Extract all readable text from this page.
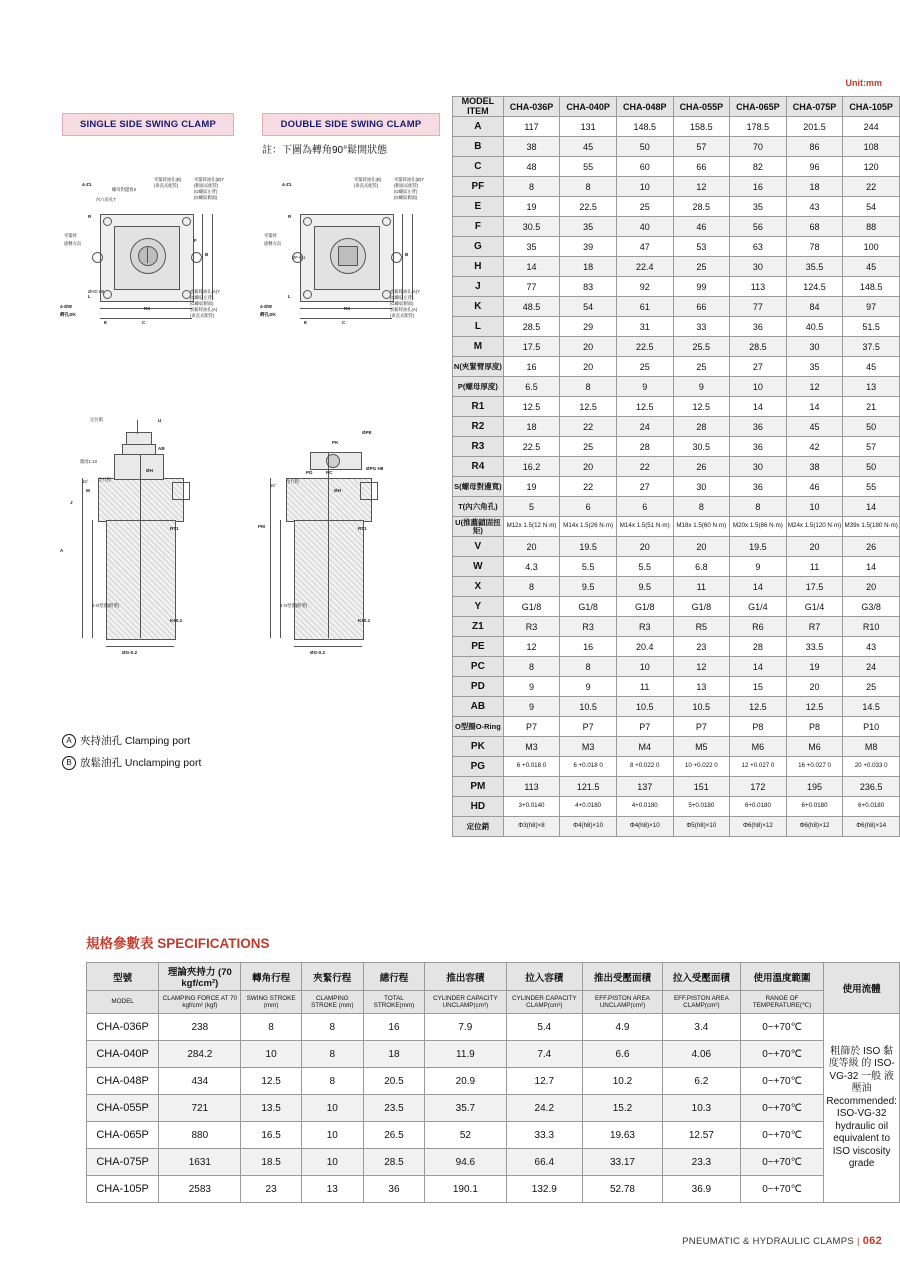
Unit:mm
SINGLE SIDE SWING CLAMP	DOUBLE SIDE SWING CLAMP
註：下圖為轉角90°鬆開狀態
螺母對邊寬S
內六角孔T
夾緊時油孔(B)
(垂直式配管)
夾緊時油孔(B)Y
(側面式配管)
(G螺紋左背)
(G螺紋側面)
4-Z1
夾緊時
旋轉方向
4-ØW
ØHD H8
鍔孔ØX
放鬆時油孔(A)Y
(G螺紋左背)
(G螺紋側面)
放鬆時油孔(A)
(垂直式配管)
E
R3
C
R
L
B
F
4-Z1
夾緊時油孔(B)
(垂直式配管)
夾緊時油孔(B)Y
(側面式配管)
(G螺紋左背)
(G螺紋側面)
夾緊時
旋轉方向
ØF-0.1
4-ØW
鍔孔ØX
放鬆時油孔(A)Y
(G螺紋左背)
(G螺紋側面)
放鬆時油孔(A)
(垂直式配管)
E
R3
C
R
L
B
定位銷	U
錐度1:10
AB
ØH
15° 全行程
M
RT1
J
A
2-O型圈(附帶)
K±0.1
ØG-0.2
ØPE
PK
PD	PC
ØPG H8
ØH
15°
全行程
PM	RT1
2-O型圈(附帶)
K±0.1
ØG-0.2
A 夾持油孔 Clamping port
B 放鬆油孔 Unclamping port
MODEL
ITEM	CHA-036P	CHA-040P	CHA-048P	CHA-055P	CHA-065P	CHA-075P	CHA-105P
A	117	131	148.5	158.5	178.5	201.5	244
B	38	45	50	57	70	86	108
C	48	55	60	66	82	96	120
PF	8	8	10	12	16	18	22
E	19	22.5	25	28.5	35	43	54
F	30.5	35	40	46	56	68	88
G	35	39	47	53	63	78	100
H	14	18	22.4	25	30	35.5	45
J	77	83	92	99	113	124.5	148.5
K	48.5	54	61	66	77	84	97
L	28.5	29	31	33	36	40.5	51.5
M	17.5	20	22.5	25.5	28.5	30	37.5
N(夾緊臂厚度)	16	20	25	25	27	35	45
P(螺母厚度)	6.5	8	9	9	10	12	13
R1	12.5	12.5	12.5	12.5	14	14	21
R2	18	22	24	28	36	45	50
R3	22.5	25	28	30.5	36	42	57
R4	16.2	20	22	26	30	38	50
S(螺母對邊寬)	19	22	27	30	36	46	55
T(內六角孔)	5	6	6	8	8	10	14
U(推薦鎖固扭矩)	M12x 1.5(12 N·m)	M14x 1.5(26 N·m)	M14x 1.5(51 N·m)	M18x 1.5(60 N·m)	M20x 1.5(86 N·m)	M24x 1.5(120 N·m)	M39x 1.5(180 N·m)
V	20	19.5	20	20	19.5	20	26
W	4.3	5.5	5.5	6.8	9	11	14
X	8	9.5	9.5	11	14	17.5	20
Y	G1/8	G1/8	G1/8	G1/8	G1/4	G1/4	G3/8
Z1	R3	R3	R3	R5	R6	R7	R10
PE	12	16	20.4	23	28	33.5	43
PC	8	8	10	12	14	19	24
PD	9	9	11	13	15	20	25
AB	9	10.5	10.5	10.5	12.5	12.5	14.5
O型圈O-Ring	P7	P7	P7	P7	P8	P8	P10
PK	M3	M3	M4	M5	M6	M6	M8
PG	6 +0.018 0	6 +0.018 0	8 +0.022 0	10 +0.022 0	12 +0.027 0	16 +0.027 0	20 +0.033 0
PM	113	121.5	137	151	172	195	236.5
HD	3+0.0140	4+0.0180	4+0.0180	5+0.0180	6+0.0180	6+0.0180	6+0.0180
定位銷	Φ3(h8)×8	Φ4(h8)×10	Φ4(h8)×10	Φ5(h8)×10	Φ6(h8)×12	Φ6(h8)×12	Φ6(h8)×14
規格參數表 SPECIFICATIONS
型號	理論夾持力 (70 kgf/cm²)	轉角行程	夾緊行程	總行程	推出容積	拉入容積	推出受壓面積	拉入受壓面積	使用溫度範圍	使用流體
MODEL	CLAMPING FORCE AT 70 kgf/cm² (kgf)	SWING STROKE (mm)	CLAMPING STROKE (mm)	TOTAL STROKE(mm)	CYLINDER CAPACITY UNCLAMP(cm³)	CYLINDER CAPACITY CLAMP(cm³)	EFF.PISTON AREA UNCLAMP(cm²)	EFF.PISTON AREA CLAMP(cm²)	RANGE OF TEMPERATURE(℃)	
CHA-036P	238	8	8	16	7.9	5.4	4.9	3.4	0~+70℃	粗篩於 ISO 黏度等級 的 ISO-VG-32 一般 液壓油 Recommended: ISO-VG-32 hydraulic oil equivalent to ISO viscosity grade
CHA-040P	284.2	10	8	18	11.9	7.4	6.6	4.06	0~+70℃	
CHA-048P	434	12.5	8	20.5	20.9	12.7	10.2	6.2	0~+70℃	
CHA-055P	721	13.5	10	23.5	35.7	24.2	15.2	10.3	0~+70℃	
CHA-065P	880	16.5	10	26.5	52	33.3	19.63	12.57	0~+70℃	
CHA-075P	1631	18.5	10	28.5	94.6	66.4	33.17	23.3	0~+70℃	
CHA-105P	2583	23	13	36	190.1	132.9	52.78	36.9	0~+70℃	
PNEUMATIC & HYDRAULIC CLAMPS | 062
